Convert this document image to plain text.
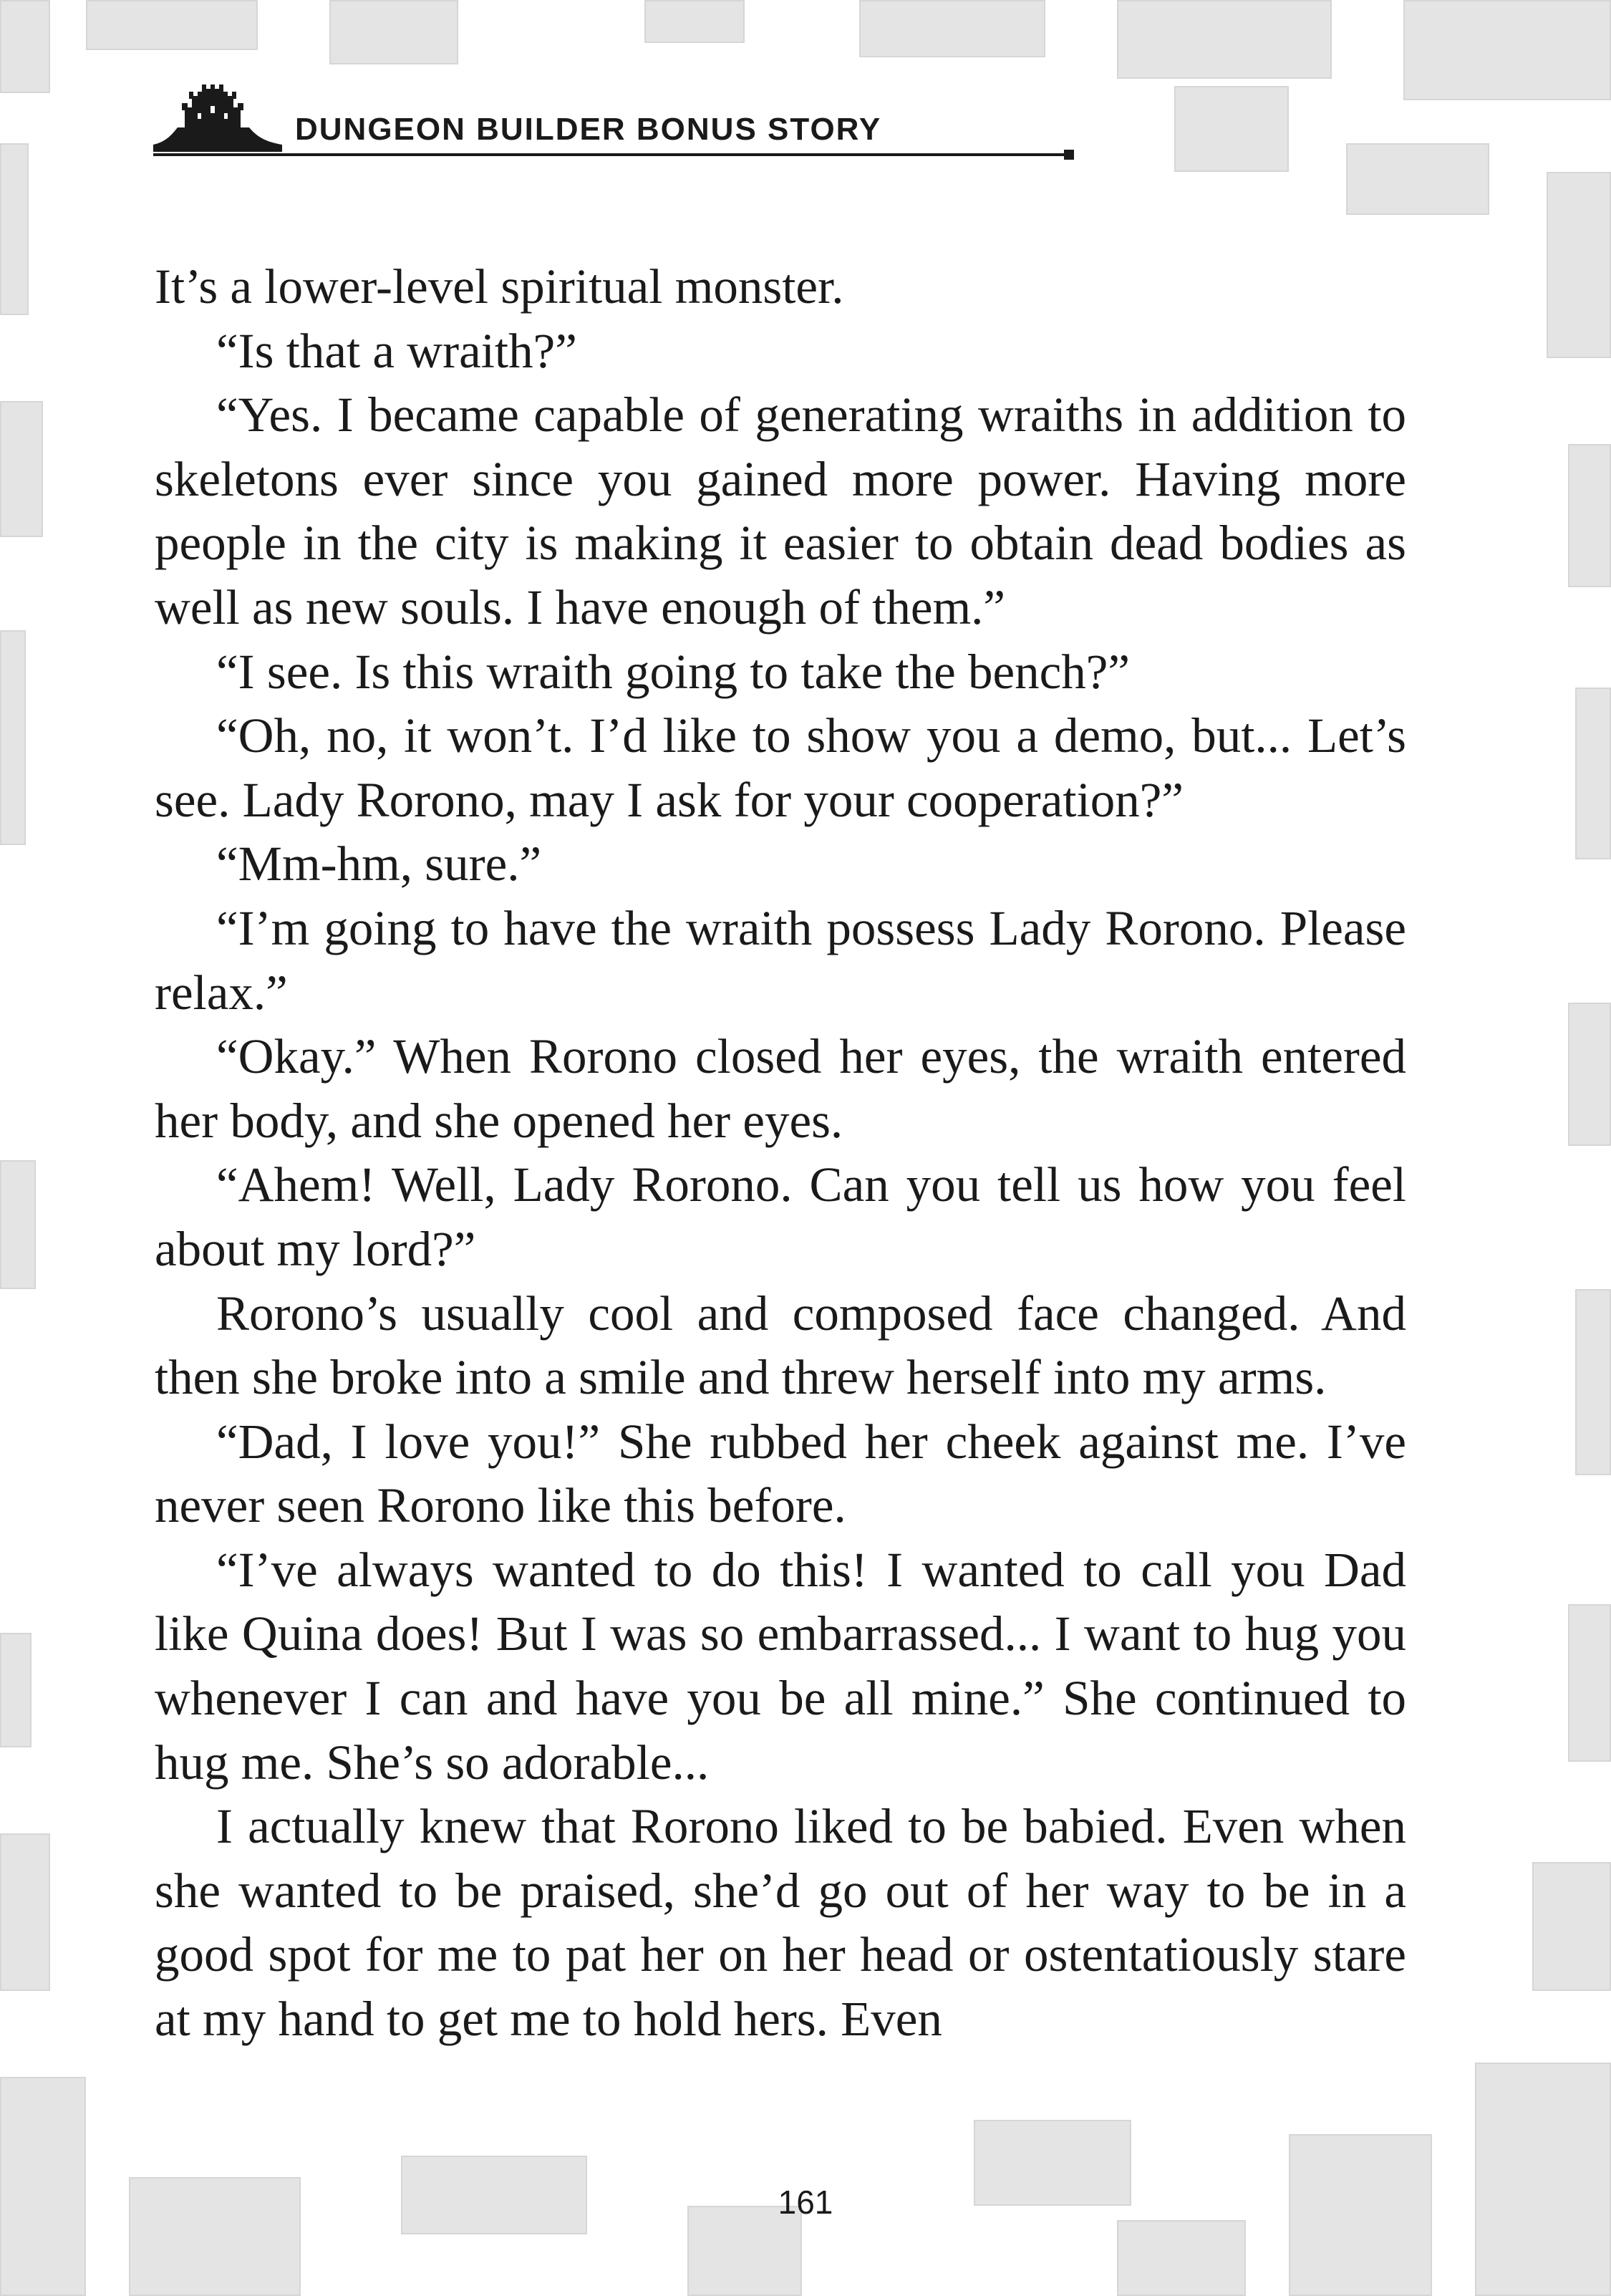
DUNGEON BUILDER BONUS STORY

It’s a lower-level spiritual monster.

“Is that a wraith?”

“Yes. I became capable of generating wraiths in addition to skeletons ever since you gained more power. Having more people in the city is making it easier to obtain dead bodies as well as new souls. I have enough of them.”

“I see. Is this wraith going to take the bench?”

“Oh, no, it won’t. I’d like to show you a demo, but... Let’s see. Lady Rorono, may I ask for your cooperation?”

“Mm-hm, sure.”

“I’m going to have the wraith possess Lady Rorono. Please relax.”

“Okay.” When Rorono closed her eyes, the wraith entered her body, and she opened her eyes.

“Ahem! Well, Lady Rorono. Can you tell us how you feel about my lord?”

Rorono’s usually cool and composed face changed. And then she broke into a smile and threw herself into my arms.

“Dad, I love you!” She rubbed her cheek against me. I’ve never seen Rorono like this before.

“I’ve always wanted to do this! I wanted to call you Dad like Quina does! But I was so embarrassed... I want to hug you whenever I can and have you be all mine.” She continued to hug me. She’s so adorable...

I actually knew that Rorono liked to be babied. Even when she wanted to be praised, she’d go out of her way to be in a good spot for me to pat her on her head or ostentatiously stare at my hand to get me to hold hers. Even

161
